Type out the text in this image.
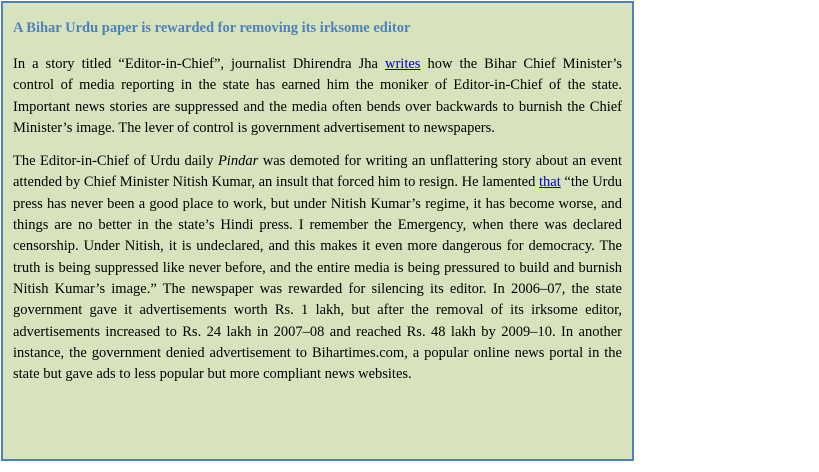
A Bihar Urdu paper is rewarded for removing its irksome editor

In a story titled “Editor-in-Chief”, journalist Dhirendra Jha writes how the Bihar Chief Minister’s control of media reporting in the state has earned him the moniker of Editor-in-Chief of the state. Important news stories are suppressed and the media often bends over backwards to burnish the Chief Minister’s image. The lever of control is government advertisement to newspapers.

The Editor-in-Chief of Urdu daily Pindar was demoted for writing an unflattering story about an event attended by Chief Minister Nitish Kumar, an insult that forced him to resign. He lamented that “the Urdu press has never been a good place to work, but under Nitish Kumar’s regime, it has become worse, and things are no better in the state’s Hindi press. I remember the Emergency, when there was declared censorship. Under Nitish, it is undeclared, and this makes it even more dangerous for democracy. The truth is being suppressed like never before, and the entire media is being pressured to build and burnish Nitish Kumar’s image.” The newspaper was rewarded for silencing its editor. In 2006–07, the state government gave it advertisements worth Rs. 1 lakh, but after the removal of its irksome editor, advertisements increased to Rs. 24 lakh in 2007–08 and reached Rs. 48 lakh by 2009–10. In another instance, the government denied advertisement to Bihartimes.com, a popular online news portal in the state but gave ads to less popular but more compliant news websites.
